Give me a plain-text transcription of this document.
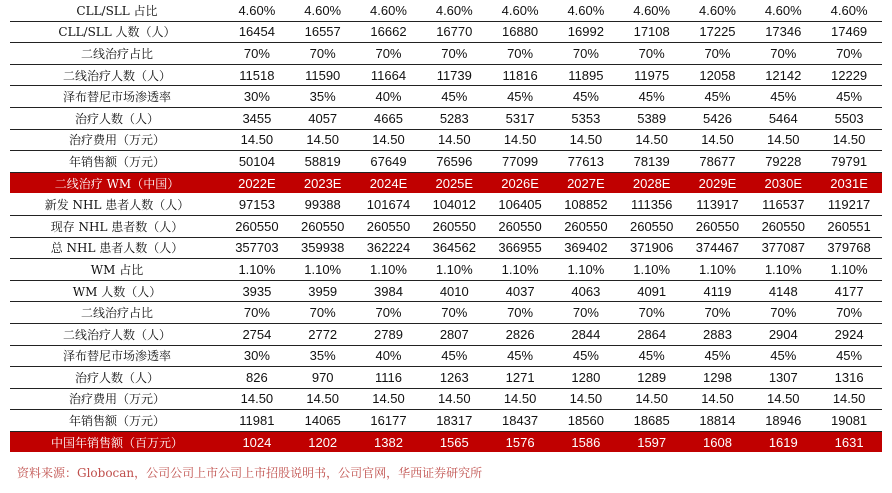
CLL/SLL 占比	4.60%	4.60%	4.60%	4.60%	4.60%	4.60%	4.60%	4.60%	4.60%	4.60%
CLL/SLL 人数（人）	16454	16557	16662	16770	16880	16992	17108	17225	17346	17469
二线治疗占比	70%	70%	70%	70%	70%	70%	70%	70%	70%	70%
二线治疗人数（人）	11518	11590	11664	11739	11816	11895	11975	12058	12142	12229
泽布替尼市场渗透率	30%	35%	40%	45%	45%	45%	45%	45%	45%	45%
治疗人数（人）	3455	4057	4665	5283	5317	5353	5389	5426	5464	5503
治疗费用（万元）	14.50	14.50	14.50	14.50	14.50	14.50	14.50	14.50	14.50	14.50
年销售额（万元）	50104	58819	67649	76596	77099	77613	78139	78677	79228	79791
二线治疗 WM（中国）	2022E	2023E	2024E	2025E	2026E	2027E	2028E	2029E	2030E	2031E
新发 NHL 患者人数（人）	97153	99388	101674	104012	106405	108852	111356	113917	116537	119217
现存 NHL 患者数（人）	260550	260550	260550	260550	260550	260550	260550	260550	260550	260551
总 NHL 患者人数（人）	357703	359938	362224	364562	366955	369402	371906	374467	377087	379768
WM 占比	1.10%	1.10%	1.10%	1.10%	1.10%	1.10%	1.10%	1.10%	1.10%	1.10%
WM 人数（人）	3935	3959	3984	4010	4037	4063	4091	4119	4148	4177
二线治疗占比	70%	70%	70%	70%	70%	70%	70%	70%	70%	70%
二线治疗人数（人）	2754	2772	2789	2807	2826	2844	2864	2883	2904	2924
泽布替尼市场渗透率	30%	35%	40%	45%	45%	45%	45%	45%	45%	45%
治疗人数（人）	826	970	1116	1263	1271	1280	1289	1298	1307	1316
治疗费用（万元）	14.50	14.50	14.50	14.50	14.50	14.50	14.50	14.50	14.50	14.50
年销售额（万元）	11981	14065	16177	18317	18437	18560	18685	18814	18946	19081
中国年销售额（百万元）	1024	1202	1382	1565	1576	1586	1597	1608	1619	1631
资料来源：Globocan，公司公司上市公司上市招股说明书，公司官网，华西证券研究所
